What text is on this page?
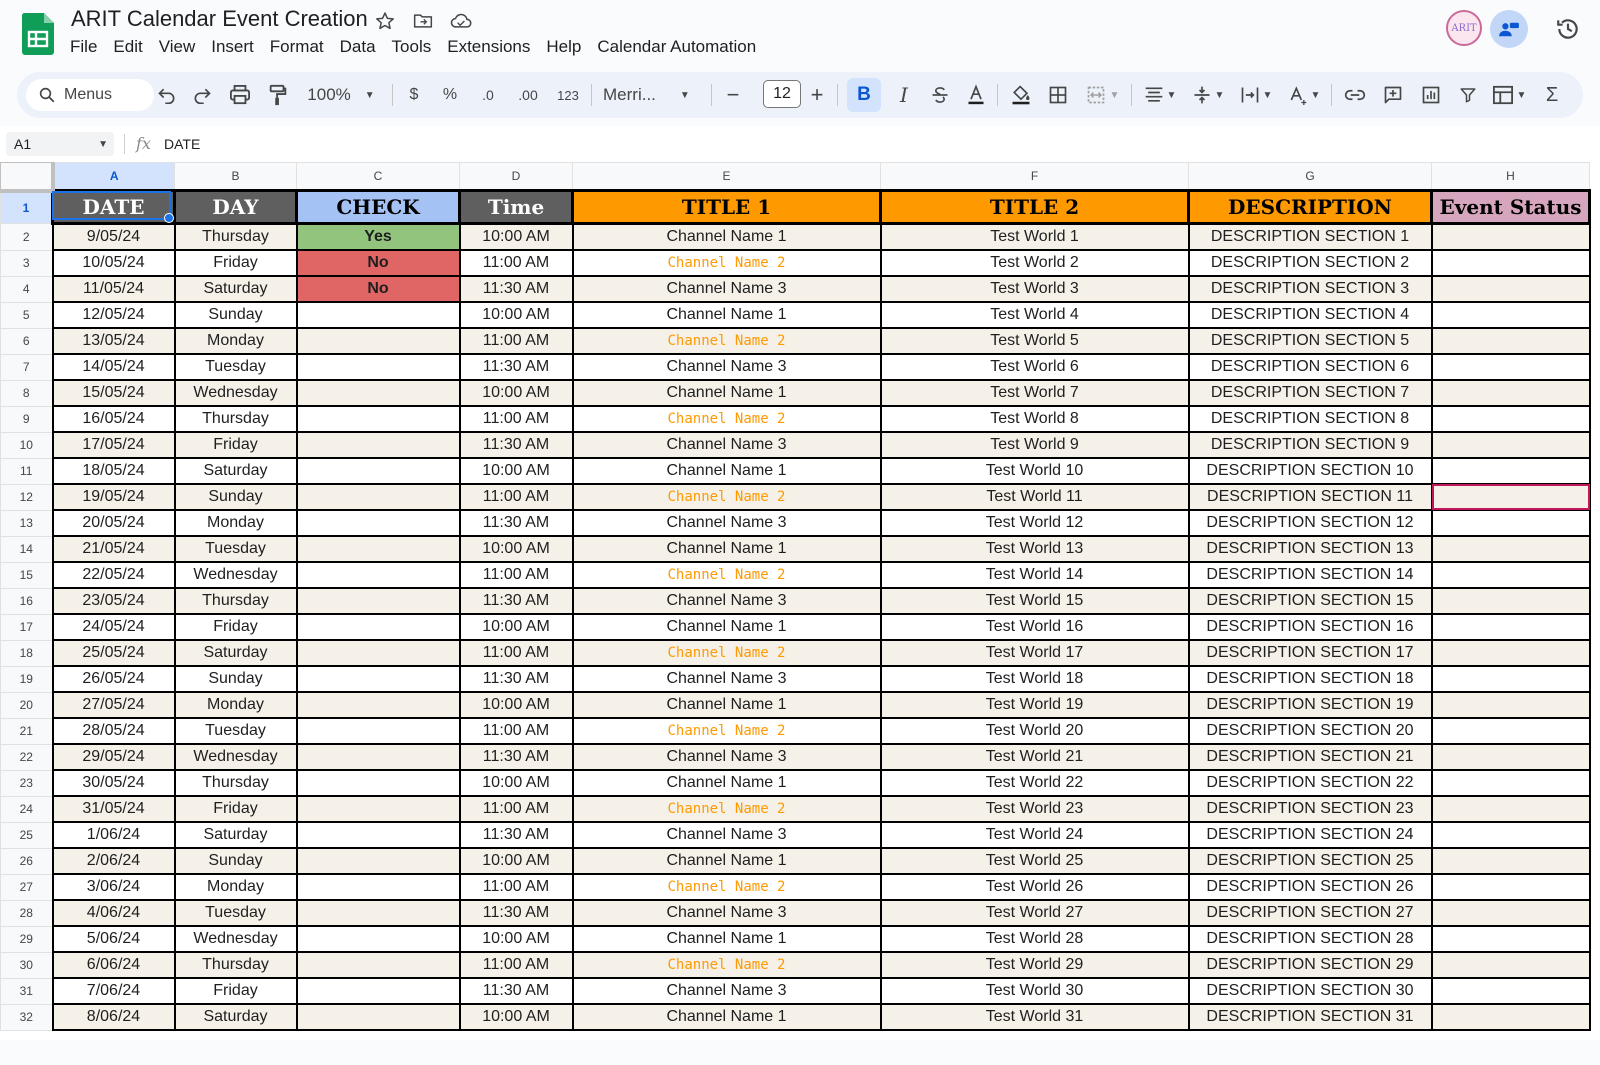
ARIT Calendar Event Creation
File Edit View Insert Format Data Tools Extensions Help Calendar Automation
ARIT
Menus	100% ▼	$	%	.0	.00	123	Merri... ▼	−	12 +	B	I	▼	▼	▼	▼	▼	▼ Σ
A1	▼ fx DATE
	A	B	C	D	E	F	G	H
1	DATE	DAY	CHECK	Time	TITLE 1	TITLE 2	DESCRIPTION	Event Status
2	9/05/24	Thursday	Yes	10:00 AM	Channel Name 1	Test World 1	DESCRIPTION SECTION 1	
3	10/05/24	Friday	No	11:00 AM	Channel Name 2	Test World 2	DESCRIPTION SECTION 2	
4	11/05/24	Saturday	No	11:30 AM	Channel Name 3	Test World 3	DESCRIPTION SECTION 3	
5	12/05/24	Sunday		10:00 AM	Channel Name 1	Test World 4	DESCRIPTION SECTION 4	
6	13/05/24	Monday		11:00 AM	Channel Name 2	Test World 5	DESCRIPTION SECTION 5	
7	14/05/24	Tuesday		11:30 AM	Channel Name 3	Test World 6	DESCRIPTION SECTION 6	
8	15/05/24	Wednesday		10:00 AM	Channel Name 1	Test World 7	DESCRIPTION SECTION 7	
9	16/05/24	Thursday		11:00 AM	Channel Name 2	Test World 8	DESCRIPTION SECTION 8	
10	17/05/24	Friday		11:30 AM	Channel Name 3	Test World 9	DESCRIPTION SECTION 9	
11	18/05/24	Saturday		10:00 AM	Channel Name 1	Test World 10	DESCRIPTION SECTION 10	
12	19/05/24	Sunday		11:00 AM	Channel Name 2	Test World 11	DESCRIPTION SECTION 11	
13	20/05/24	Monday		11:30 AM	Channel Name 3	Test World 12	DESCRIPTION SECTION 12	
14	21/05/24	Tuesday		10:00 AM	Channel Name 1	Test World 13	DESCRIPTION SECTION 13	
15	22/05/24	Wednesday		11:00 AM	Channel Name 2	Test World 14	DESCRIPTION SECTION 14	
16	23/05/24	Thursday		11:30 AM	Channel Name 3	Test World 15	DESCRIPTION SECTION 15	
17	24/05/24	Friday		10:00 AM	Channel Name 1	Test World 16	DESCRIPTION SECTION 16	
18	25/05/24	Saturday		11:00 AM	Channel Name 2	Test World 17	DESCRIPTION SECTION 17	
19	26/05/24	Sunday		11:30 AM	Channel Name 3	Test World 18	DESCRIPTION SECTION 18	
20	27/05/24	Monday		10:00 AM	Channel Name 1	Test World 19	DESCRIPTION SECTION 19	
21	28/05/24	Tuesday		11:00 AM	Channel Name 2	Test World 20	DESCRIPTION SECTION 20	
22	29/05/24	Wednesday		11:30 AM	Channel Name 3	Test World 21	DESCRIPTION SECTION 21	
23	30/05/24	Thursday		10:00 AM	Channel Name 1	Test World 22	DESCRIPTION SECTION 22	
24	31/05/24	Friday		11:00 AM	Channel Name 2	Test World 23	DESCRIPTION SECTION 23	
25	1/06/24	Saturday		11:30 AM	Channel Name 3	Test World 24	DESCRIPTION SECTION 24	
26	2/06/24	Sunday		10:00 AM	Channel Name 1	Test World 25	DESCRIPTION SECTION 25	
27	3/06/24	Monday		11:00 AM	Channel Name 2	Test World 26	DESCRIPTION SECTION 26	
28	4/06/24	Tuesday		11:30 AM	Channel Name 3	Test World 27	DESCRIPTION SECTION 27	
29	5/06/24	Wednesday		10:00 AM	Channel Name 1	Test World 28	DESCRIPTION SECTION 28	
30	6/06/24	Thursday		11:00 AM	Channel Name 2	Test World 29	DESCRIPTION SECTION 29	
31	7/06/24	Friday		11:30 AM	Channel Name 3	Test World 30	DESCRIPTION SECTION 30	
32	8/06/24	Saturday		10:00 AM	Channel Name 1	Test World 31	DESCRIPTION SECTION 31	
